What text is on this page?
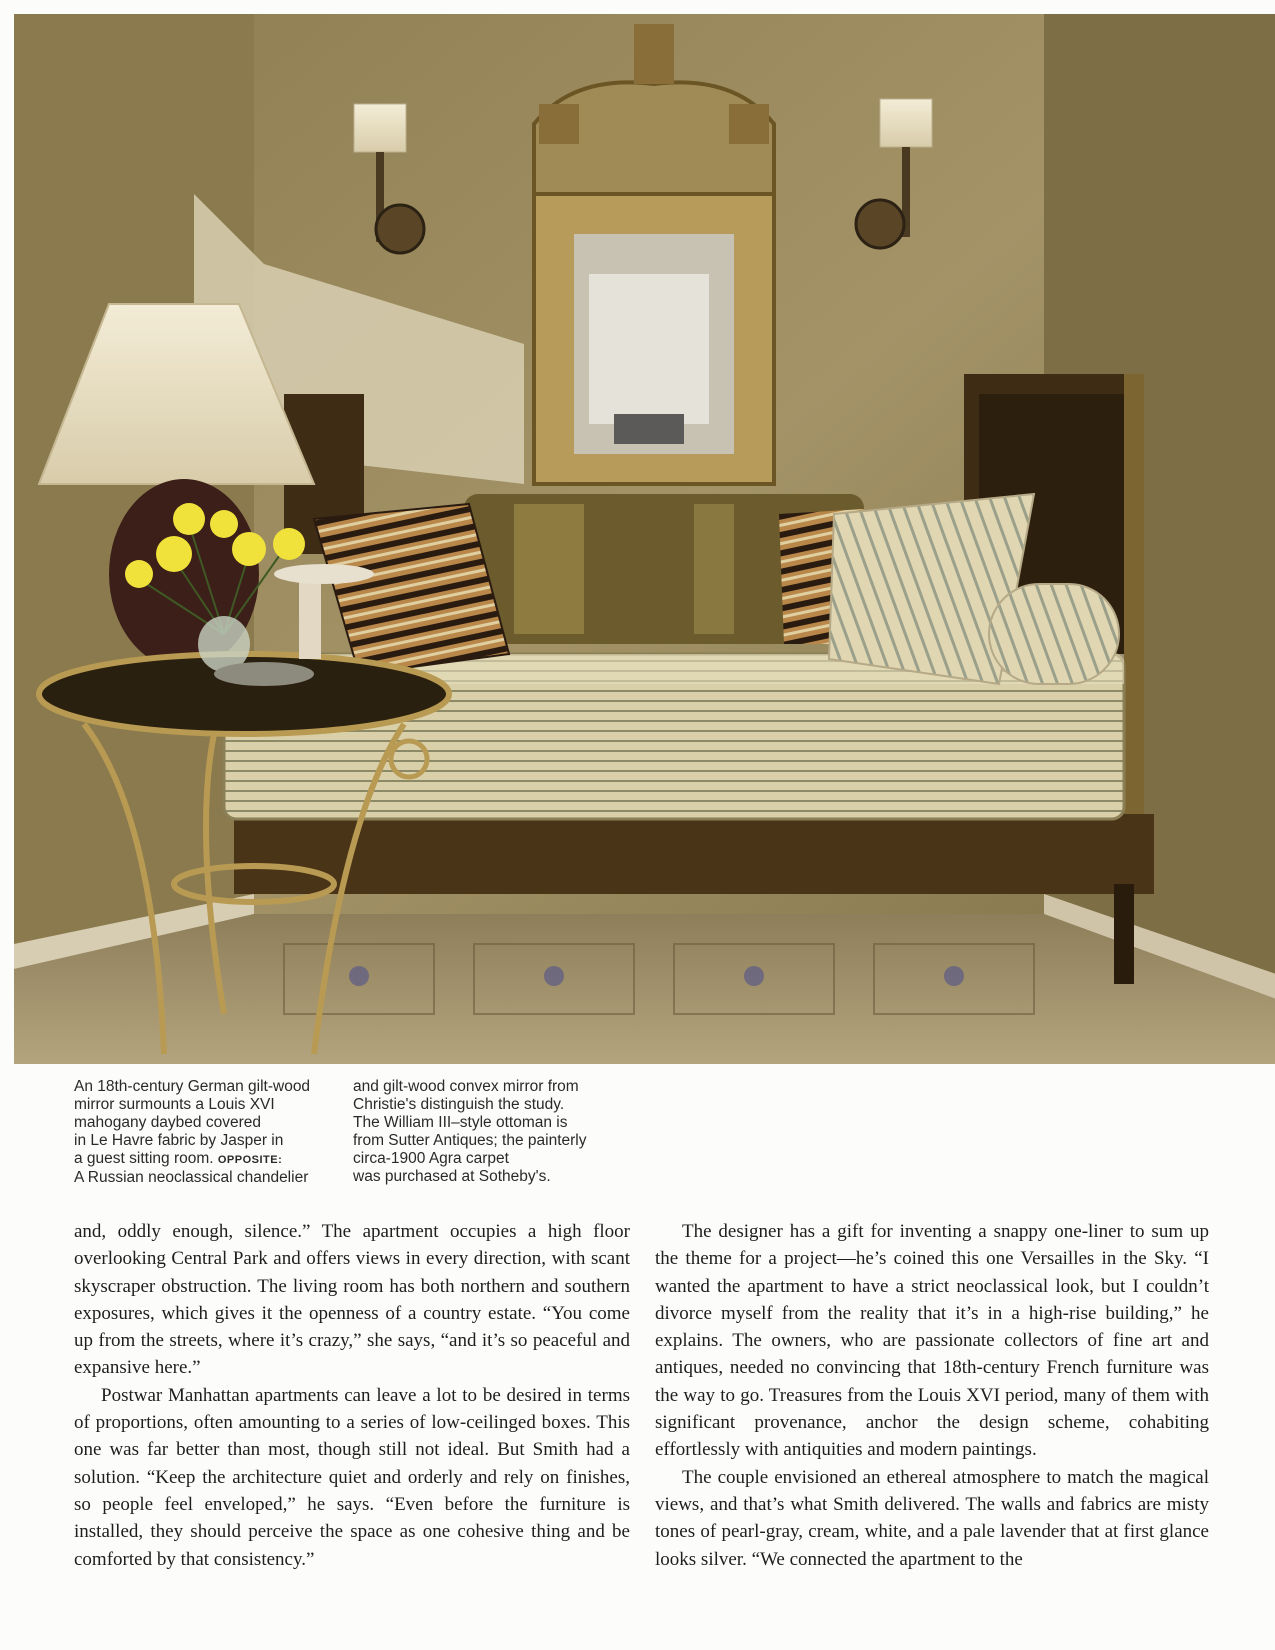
An 18th-century German gilt-wood
mirror surmounts a Louis XVI
mahogany daybed covered
in Le Havre fabric by Jasper in
a guest sitting room. OPPOSITE:
A Russian neoclassical chandelier
and gilt-wood convex mirror from
Christie's distinguish the study.
The William III–style ottoman is
from Sutter Antiques; the painterly
circa-1900 Agra carpet
was purchased at Sotheby's.

and, oddly enough, silence.” The apartment occupies a high floor overlooking Central Park and offers views in every direction, with scant skyscraper obstruction. The living room has both northern and southern exposures, which gives it the openness of a country estate. “You come up from the streets, where it’s crazy,” she says, “and it’s so peaceful and expansive here.”

Postwar Manhattan apartments can leave a lot to be desired in terms of proportions, often amounting to a series of low-ceilinged boxes. This one was far better than most, though still not ideal. But Smith had a solution. “Keep the architecture quiet and orderly and rely on finishes, so people feel enveloped,” he says. “Even before the furniture is installed, they should perceive the space as one cohesive thing and be comforted by that consistency.”

The designer has a gift for inventing a snappy one-liner to sum up the theme for a project—he’s coined this one Versailles in the Sky. “I wanted the apartment to have a strict neoclassical look, but I couldn’t divorce myself from the reality that it’s in a high-rise building,” he explains. The owners, who are passionate collectors of fine art and antiques, needed no convincing that 18th-century French furniture was the way to go. Treasures from the Louis XVI period, many of them with significant provenance, anchor the design scheme, cohabiting effortlessly with antiquities and modern paintings.

The couple envisioned an ethereal atmosphere to match the magical views, and that’s what Smith delivered. The walls and fabrics are misty tones of pearl-gray, cream, white, and a pale lavender that at first glance looks silver. “We connected the apartment to the
